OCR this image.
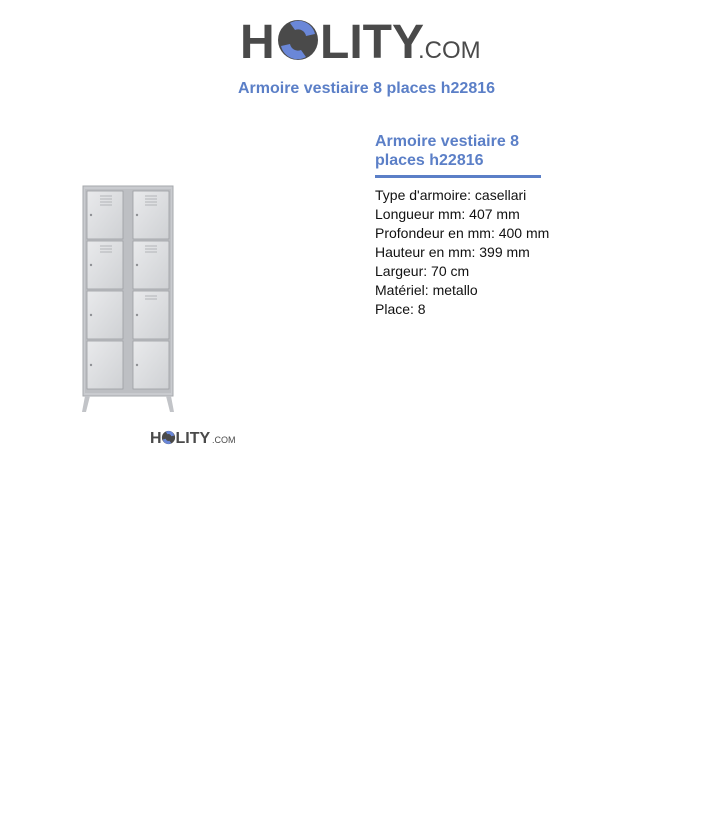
H LITY
.COM
Armoire vestiaire 8 places h22816
Armoire vestiaire 8 places h22816
H LITY .COM
Type d'armoire: casellari
Longueur mm: 407 mm
Profondeur en mm: 400 mm
Hauteur en mm: 399 mm
Largeur: 70 cm
Matériel: metallo
Place: 8
